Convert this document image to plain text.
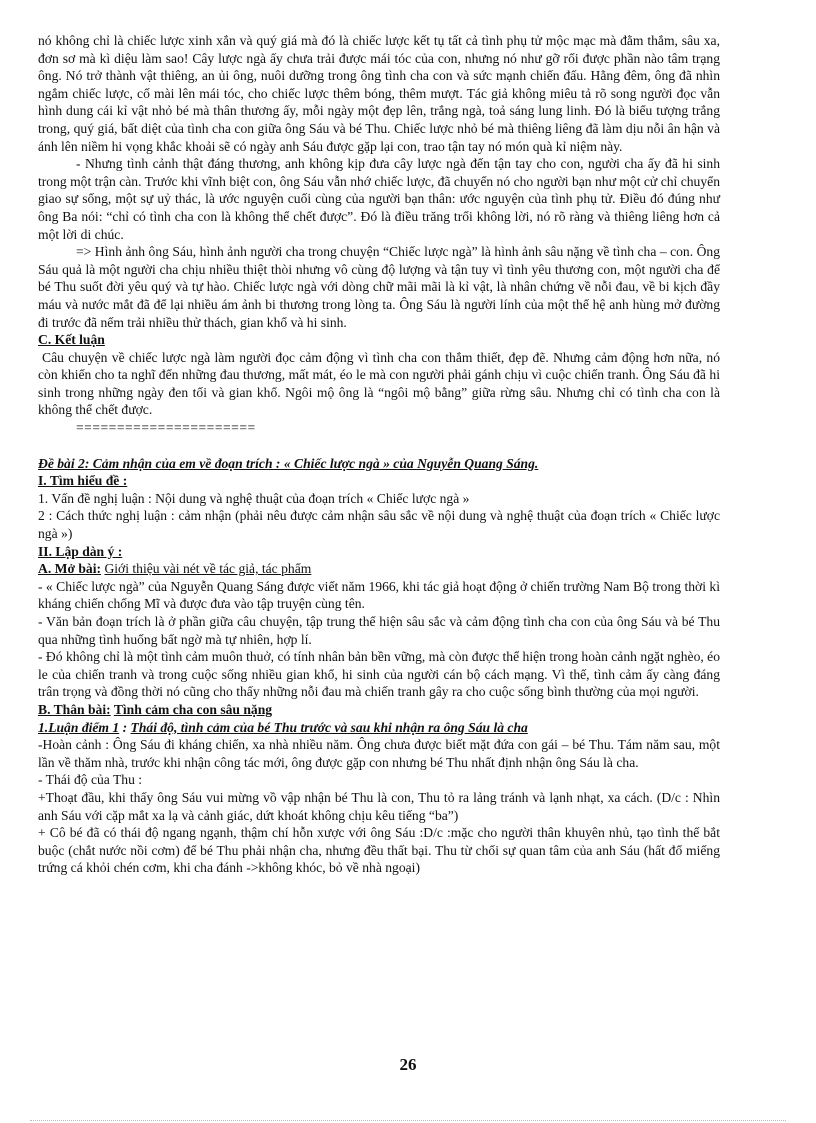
nó không chỉ là chiếc lược xinh xắn và quý giá mà đó là chiếc lược kết tụ tất cả tình phụ tử mộc mạc mà đằm thắm, sâu xa, đơn sơ mà kì diệu làm sao! Cây lược ngà ấy chưa trải được mái tóc của con, nhưng nó như gỡ rối được phần nào tâm trạng ông. Nó trở thành vật thiêng, an ủi ông, nuôi dưỡng trong ông tình cha con và sức mạnh chiến đấu. Hằng đêm, ông đã nhìn ngắm chiếc lược, cố mài lên mái tóc, cho chiếc lược thêm bóng, thêm mượt. Tác giả không miêu tả rõ song người đọc vẫn hình dung cái kỉ vật nhỏ bé mà thân thương ấy, mỗi ngày một đẹp lên, trắng ngà, toả sáng lung linh. Đó là biểu tượng trắng trong, quý giá, bất diệt của tình cha con giữa ông Sáu và bé Thu. Chiếc lược nhỏ bé mà thiêng liêng đã làm dịu nỗi ân hận và ánh lên niềm hi vọng khắc khoải sẽ có ngày anh Sáu được gặp lại con, trao tận tay nó món quà kỉ niệm này.

- Nhưng tình cảnh thật đáng thương, anh không kịp đưa cây lược ngà đến tận tay cho con, người cha ấy đã hi sinh trong một trận càn. Trước khi vĩnh biệt con, ông Sáu vẫn nhớ chiếc lược, đã chuyển nó cho người bạn như một cử chỉ chuyển giao sự sống, một sự uỷ thác, là ước nguyện cuối cùng của người bạn thân: ước nguyện của tình phụ tử. Điều đó đúng như ông Ba nói: “chỉ có tình cha con là không thể chết được”. Đó là điều trăng trối không lời, nó rõ ràng và thiêng liêng hơn cả một lời di chúc.

=> Hình ảnh ông Sáu, hình ảnh người cha trong chuyện “Chiếc lược ngà” là hình ảnh sâu nặng về tình cha – con. Ông Sáu quả là một người cha chịu nhiều thiệt thòi nhưng vô cùng độ lượng và tận tuy vì tình yêu thương con, một người cha để bé Thu suốt đời yêu quý và tự hào. Chiếc lược ngà với dòng chữ mãi mãi là kỉ vật, là nhân chứng về nỗi đau, về bi kịch đầy máu và nước mắt đã để lại nhiều ám ảnh bi thương trong lòng ta. Ông Sáu là người lính của một thế hệ anh hùng mở đường đi trước đã nếm trải nhiều thử thách, gian khổ và hi sinh.

C. Kết luận

Câu chuyện về chiếc lược ngà làm người đọc cảm động vì tình cha con thắm thiết, đẹp đẽ. Nhưng cảm động hơn nữa, nó còn khiến cho ta nghĩ đến những đau thương, mất mát, éo le mà con người phải gánh chịu vì cuộc chiến tranh. Ông Sáu đã hi sinh trong những ngày đen tối và gian khổ. Ngôi mộ ông là “ngôi mộ bằng” giữa rừng sâu. Nhưng chỉ có tình cha con là không thể chết được.

======================

Đề bài 2: Cảm nhận của em về đoạn trích : « Chiếc lược ngà » của Nguyễn Quang Sáng.

I. Tìm hiểu đề :

1. Vấn đề nghị luận : Nội dung và nghệ thuật của đoạn trích « Chiếc lược ngà »

2 : Cách thức nghị luận : cảm nhận (phải nêu được cảm nhận sâu sắc về nội dung và nghệ thuật của đoạn trích « Chiếc lược ngà »)

II. Lập dàn ý :

A. Mở bài: Giới thiệu vài nét về tác giả, tác phẩm

- « Chiếc lược ngà” của Nguyễn Quang Sáng được viết năm 1966, khi tác giả hoạt động ở chiến trường Nam Bộ trong thời kì kháng chiến chống Mĩ và được đưa vào tập truyện cùng tên.

- Văn bản đoạn trích là ở phần giữa câu chuyện, tập trung thể hiện sâu sắc và cảm động tình cha con của ông Sáu và bé Thu qua những tình huống bất ngờ mà tự nhiên, hợp lí.

- Đó không chỉ là một tình cảm muôn thuở, có tính nhân bản bền vững, mà còn được thể hiện trong hoàn cảnh ngặt nghèo, éo le của chiến tranh và trong cuộc sống nhiều gian khổ, hi sinh của người cán bộ cách mạng. Vì thế, tình cảm ấy càng đáng trân trọng và đồng thời nó cũng cho thấy những nỗi đau mà chiến tranh gây ra cho cuộc sống bình thường của mọi người.

B. Thân bài: Tình cảm cha con sâu nặng

1.Luận điểm 1 : Thái độ, tình cảm của bé Thu trước và sau khi nhận ra ông Sáu là cha

-Hoàn cảnh : Ông Sáu đi kháng chiến, xa nhà nhiều năm. Ông chưa được biết mặt đứa con gái – bé Thu. Tám năm sau, một lần về thăm nhà, trước khi nhận công tác mới, ông được gặp con nhưng bé Thu nhất định nhận ông Sáu là cha.

- Thái độ của Thu :

+Thoạt đầu, khi thấy ông Sáu vui mừng vồ vập nhận bé Thu là con, Thu tỏ ra lảng tránh và lạnh nhạt, xa cách. (D/c : Nhìn anh Sáu với cặp mắt xa lạ và cảnh giác, dứt khoát không chịu kêu tiếng “ba”)

+ Cô bé đã có thái độ ngang ngạnh, thậm chí hỗn xược với ông Sáu :D/c :mặc cho người thân khuyên nhủ, tạo tình thế bắt buộc (chắt nước nồi cơm) để bé Thu phải nhận cha, nhưng đều thất bại. Thu từ chối sự quan tâm của anh Sáu (hất đổ miếng trứng cá khỏi chén cơm, khi cha đánh ->không khóc, bỏ về nhà ngoại)

26
